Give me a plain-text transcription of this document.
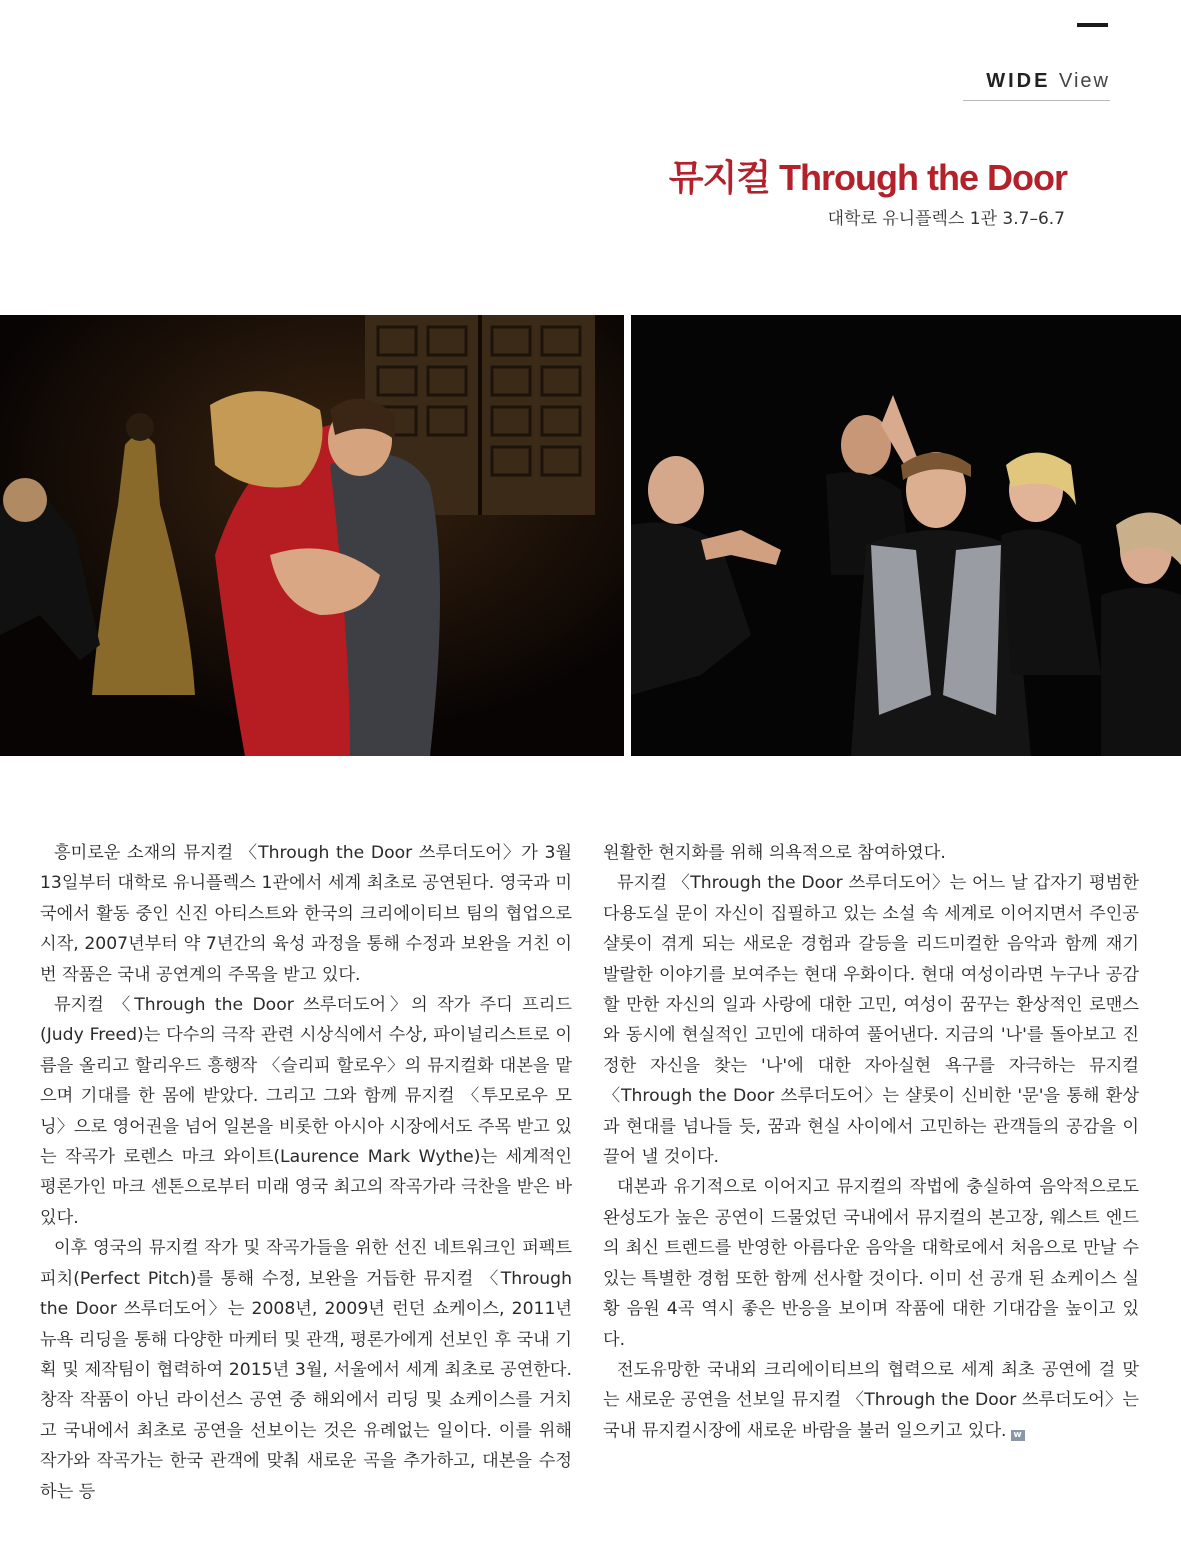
WIDE View
뮤지컬 Through the Door
대학로 유니플렉스 1관 3.7–6.7

흥미로운 소재의 뮤지컬 〈Through the Door 쓰루더도어〉가 3월 13일부터 대학로 유니플렉스 1관에서 세계 최초로 공연된다. 영국과 미국에서 활동 중인 신진 아티스트와 한국의 크리에이티브 팀의 협업으로 시작, 2007년부터 약 7년간의 육성 과정을 통해 수정과 보완을 거친 이번 작품은 국내 공연계의 주목을 받고 있다.

뮤지컬 〈Through the Door 쓰루더도어〉의 작가 주디 프리드(Judy Freed)는 다수의 극작 관련 시상식에서 수상, 파이널리스트로 이름을 올리고 할리우드 흥행작 〈슬리피 할로우〉의 뮤지컬화 대본을 맡으며 기대를 한 몸에 받았다. 그리고 그와 함께 뮤지컬 〈투모로우 모닝〉으로 영어권을 넘어 일본을 비롯한 아시아 시장에서도 주목 받고 있는 작곡가 로렌스 마크 와이트(Laurence Mark Wythe)는 세계적인 평론가인 마크 센톤으로부터 미래 영국 최고의 작곡가라 극찬을 받은 바 있다.

이후 영국의 뮤지컬 작가 및 작곡가들을 위한 선진 네트워크인 퍼펙트 피치(Perfect Pitch)를 통해 수정, 보완을 거듭한 뮤지컬 〈Through the Door 쓰루더도어〉는 2008년, 2009년 런던 쇼케이스, 2011년 뉴욕 리딩을 통해 다양한 마케터 및 관객, 평론가에게 선보인 후 국내 기획 및 제작팀이 협력하여 2015년 3월, 서울에서 세계 최초로 공연한다. 창작 작품이 아닌 라이선스 공연 중 해외에서 리딩 및 쇼케이스를 거치고 국내에서 최초로 공연을 선보이는 것은 유례없는 일이다. 이를 위해 작가와 작곡가는 한국 관객에 맞춰 새로운 곡을 추가하고, 대본을 수정하는 등

원활한 현지화를 위해 의욕적으로 참여하였다.

뮤지컬 〈Through the Door 쓰루더도어〉는 어느 날 갑자기 평범한 다용도실 문이 자신이 집필하고 있는 소설 속 세계로 이어지면서 주인공 샬롯이 겪게 되는 새로운 경험과 갈등을 리드미컬한 음악과 함께 재기 발랄한 이야기를 보여주는 현대 우화이다. 현대 여성이라면 누구나 공감할 만한 자신의 일과 사랑에 대한 고민, 여성이 꿈꾸는 환상적인 로맨스와 동시에 현실적인 고민에 대하여 풀어낸다. 지금의 '나'를 돌아보고 진정한 자신을 찾는 '나'에 대한 자아실현 욕구를 자극하는 뮤지컬 〈Through the Door 쓰루더도어〉는 샬롯이 신비한 '문'을 통해 환상과 현대를 넘나들 듯, 꿈과 현실 사이에서 고민하는 관객들의 공감을 이끌어 낼 것이다.

대본과 유기적으로 이어지고 뮤지컬의 작법에 충실하여 음악적으로도 완성도가 높은 공연이 드물었던 국내에서 뮤지컬의 본고장, 웨스트 엔드의 최신 트렌드를 반영한 아름다운 음악을 대학로에서 처음으로 만날 수 있는 특별한 경험 또한 함께 선사할 것이다. 이미 선 공개 된 쇼케이스 실황 음원 4곡 역시 좋은 반응을 보이며 작품에 대한 기대감을 높이고 있다.

전도유망한 국내외 크리에이티브의 협력으로 세계 최초 공연에 걸 맞는 새로운 공연을 선보일 뮤지컬 〈Through the Door 쓰루더도어〉는 국내 뮤지컬시장에 새로운 바람을 불러 일으키고 있다. w
